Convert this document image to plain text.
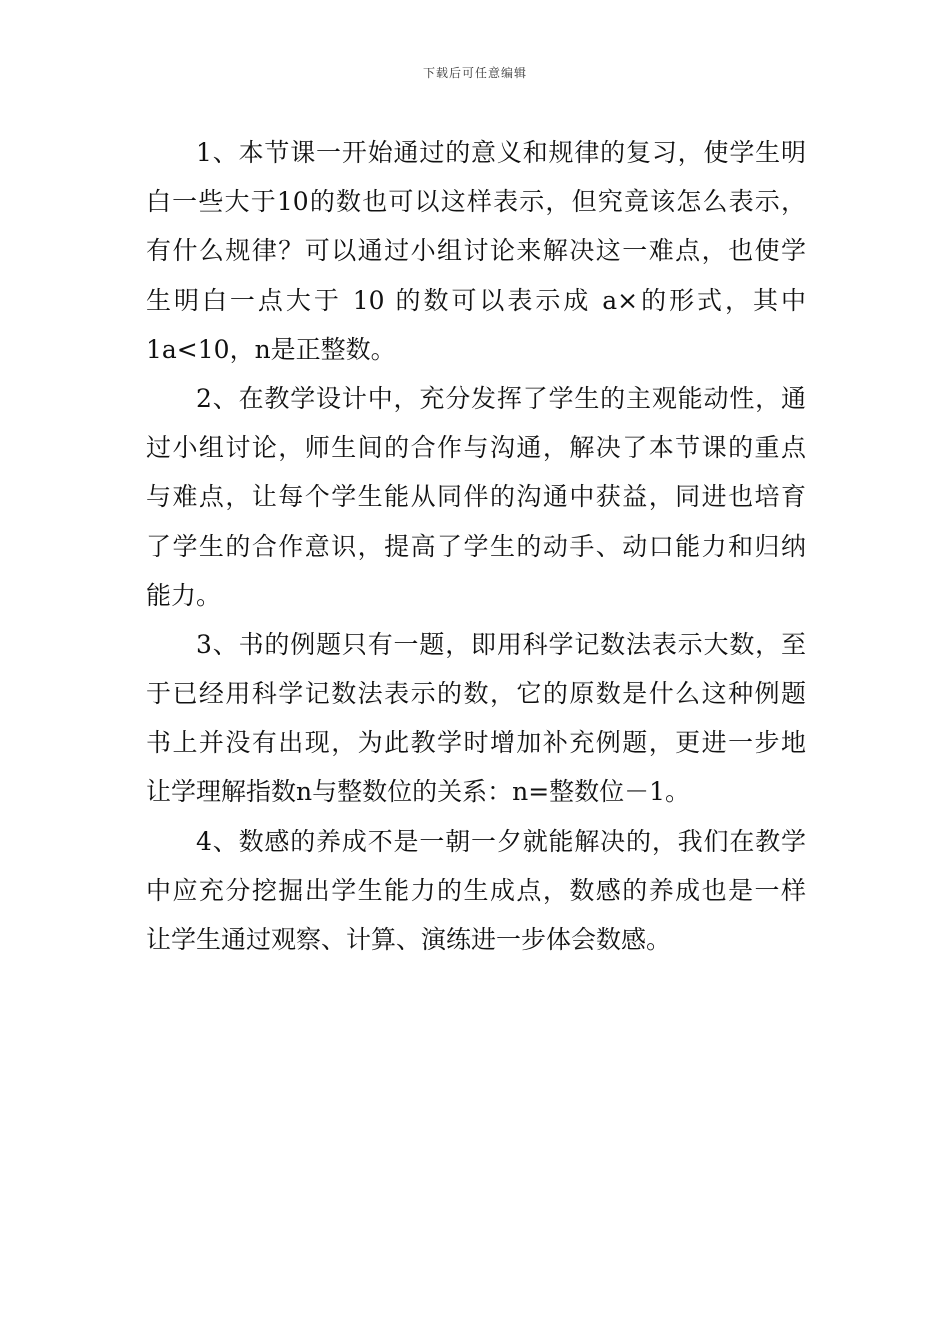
下载后可任意编辑
1、本节课一开始通过的意义和规律的复习，使学生明
白一些大于10的数也可以这样表示，但究竟该怎么表示，
有什么规律？可以通过小组讨论来解决这一难点，也使学
生明白一点大于 10 的数可以表示成 a×的形式，其中
1a<10，n是正整数。
2、在教学设计中，充分发挥了学生的主观能动性，通
过小组讨论，师生间的合作与沟通，解决了本节课的重点
与难点，让每个学生能从同伴的沟通中获益，同进也培育
了学生的合作意识，提高了学生的动手、动口能力和归纳
能力。
3、书的例题只有一题，即用科学记数法表示大数，至
于已经用科学记数法表示的数，它的原数是什么这种例题
书上并没有出现，为此教学时增加补充例题，更进一步地
让学理解指数n与整数位的关系：n=整数位－1。
4、数感的养成不是一朝一夕就能解决的，我们在教学
中应充分挖掘出学生能力的生成点，数感的养成也是一样
让学生通过观察、计算、演练进一步体会数感。
